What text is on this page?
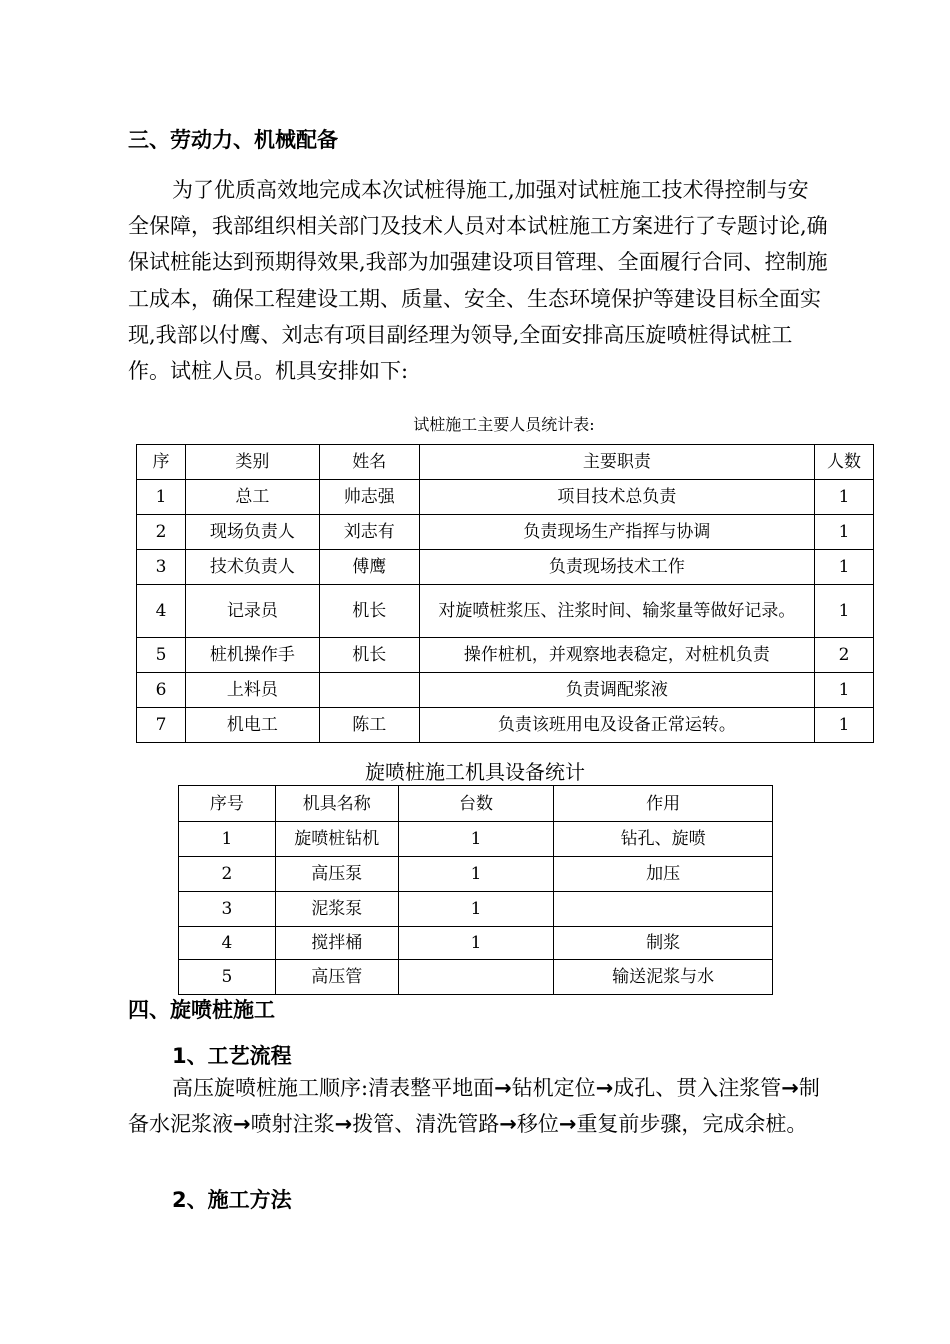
三、劳动力、机械配备

为了优质高效地完成本次试桩得施工,加强对试桩施工技术得控制与安全保障，我部组织相关部门及技术人员对本试桩施工方案进行了专题讨论,确保试桩能达到预期得效果,我部为加强建设项目管理、全面履行合同、控制施工成本，确保工程建设工期、质量、安全、生态环境保护等建设目标全面实现,我部以付鹰、刘志有项目副经理为领导,全面安排高压旋喷桩得试桩工作。试桩人员。机具安排如下:

试桩施工主要人员统计表:
序	类别	姓名	主要职责	人数
1	总工	帅志强	项目技术总负责	1
2	现场负责人	刘志有	负责现场生产指挥与协调	1
3	技术负责人	傅鹰	负责现场技术工作	1
4	记录员	机长	对旋喷桩浆压、注浆时间、输浆量等做好记录。	1
5	桩机操作手	机长	操作桩机，并观察地表稳定，对桩机负责	2
6	上料员		负责调配浆液	1
7	机电工	陈工	负责该班用电及设备正常运转。	1
旋喷桩施工机具设备统计
序号	机具名称	台数	作用
1	旋喷桩钻机	1	钻孔、旋喷
2	高压泵	1	加压
3	泥浆泵	1	
4	搅拌桶	1	制浆
5	高压管		输送泥浆与水
四、旋喷桩施工
1、工艺流程

高压旋喷桩施工顺序:清表整平地面→钻机定位→成孔、贯入注浆管→制备水泥浆液→喷射注浆→拨管、清洗管路→移位→重复前步骤，完成余桩。

2、施工方法
